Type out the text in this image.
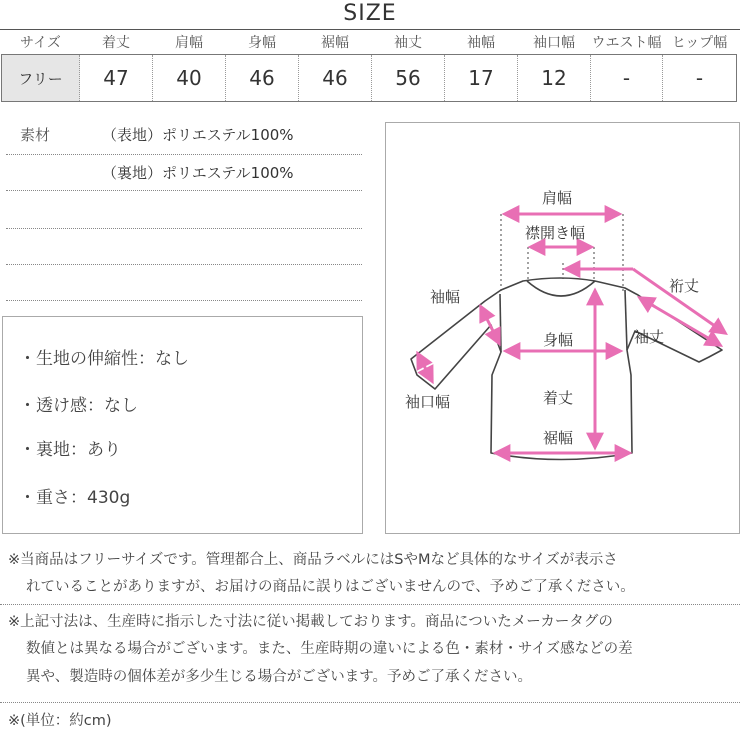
SIZE
サイズ	着丈	肩幅	身幅	裾幅	袖丈	袖幅	袖口幅	ウエスト幅	ヒップ幅
フリー	47	40	46	46	56	17	12	-	-
素材	（表地）ポリエステル100%
（裏地）ポリエステル100%
・生地の伸縮性：なし
・透け感：なし
・裏地：あり
・重さ：430g
肩幅
襟開き幅
裄丈
袖幅
袖丈
身幅
着丈
袖口幅
裾幅
※当商品はフリーサイズです。管理都合上、商品ラベルにはSやMなど具体的なサイズが表示さ
れていることがありますが、お届けの商品に誤りはございませんので、予めご了承ください。
※上記寸法は、生産時に指示した寸法に従い掲載しております。商品についたメーカータグの
数値とは異なる場合がございます。また、生産時期の違いによる色・素材・サイズ感などの差
異や、製造時の個体差が多少生じる場合がございます。予めご了承ください。
※(単位：約cm)
